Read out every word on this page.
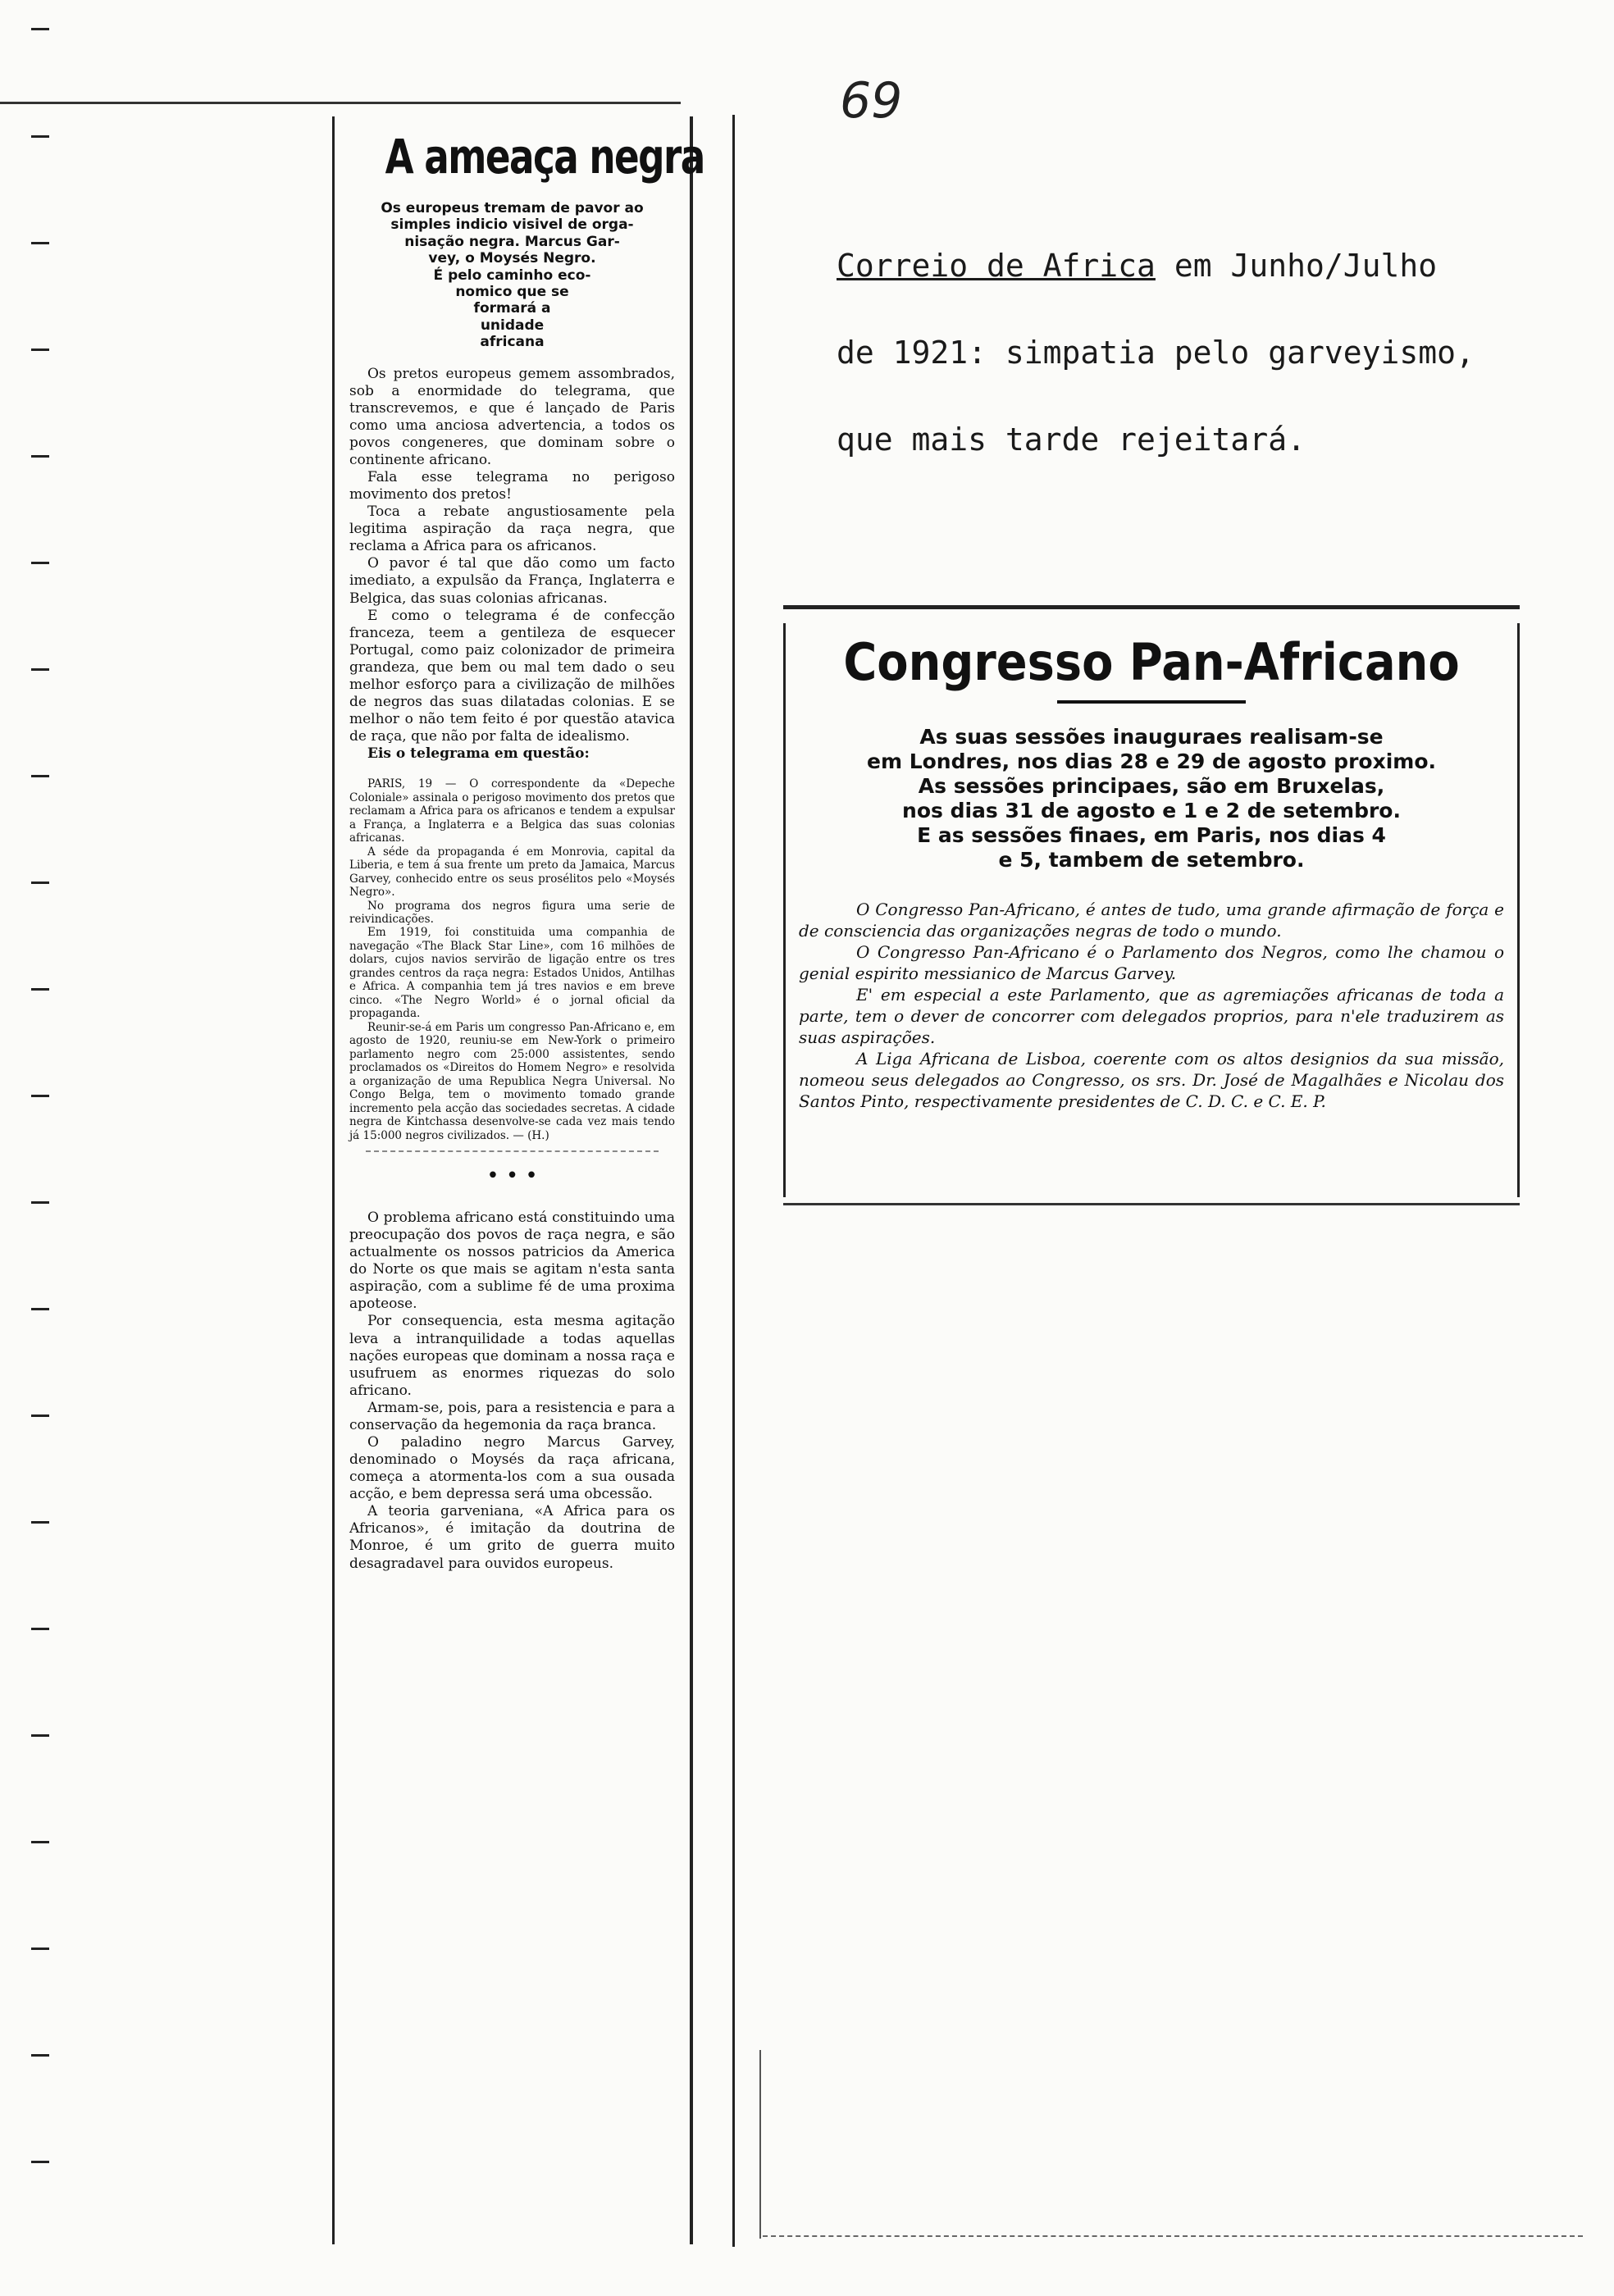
69
A ameaça negra
Os europeus tremam de pavor ao
simples indicio visivel de orga-
nisação negra. Marcus Gar-
vey, o Moysés Negro.
É pelo caminho eco-
nomico que se
formará a
unidade
africana

Os pretos europeus gemem assombrados, sob a enormidade do telegrama, que transcrevemos, e que é lançado de Paris como uma anciosa advertencia, a todos os povos congeneres, que dominam sobre o continente africano.

Fala esse telegrama no perigoso movimento dos pretos!

Toca a rebate angustiosamente pela legitima aspiração da raça negra, que reclama a Africa para os africanos.

O pavor é tal que dão como um facto imediato, a expulsão da França, Inglaterra e Belgica, das suas colonias africanas.

E como o telegrama é de confecção franceza, teem a gentileza de esquecer Portugal, como paiz colonizador de primeira grandeza, que bem ou mal tem dado o seu melhor esforço para a civilização de milhões de negros das suas dilatadas colonias. E se melhor o não tem feito é por questão atavica de raça, que não por falta de idealismo.

Eis o telegrama em questão:

PARIS, 19 — O correspondente da «Depeche Coloniale» assinala o perigoso movimento dos pretos que reclamam a Africa para os africanos e tendem a expulsar a França, a Inglaterra e a Belgica das suas colonias africanas.

A séde da propaganda é em Monrovia, capital da Liberia, e tem á sua frente um preto da Jamaica, Marcus Garvey, conhecido entre os seus prosélitos pelo «Moysés Negro».

No programa dos negros figura uma serie de reivindicações.

Em 1919, foi constituida uma companhia de navegação «The Black Star Line», com 16 milhões de dolars, cujos navios servirão de ligação entre os tres grandes centros da raça negra: Estados Unidos, Antilhas e Africa. A companhia tem já tres navios e em breve cinco. «The Negro World» é o jornal oficial da propaganda.

Reunir-se-á em Paris um congresso Pan-Africano e, em agosto de 1920, reuniu-se em New-York o primeiro parlamento negro com 25:000 assistentes, sendo proclamados os «Direitos do Homem Negro» e resolvida a organização de uma Republica Negra Universal. No Congo Belga, tem o movimento tomado grande incremento pela acção das sociedades secretas. A cidade negra de Kintchassa desenvolve-se cada vez mais tendo já 15:000 negros civilizados. — (H.)

• • •

O problema africano está constituindo uma preocupação dos povos de raça negra, e são actualmente os nossos patricios da America do Norte os que mais se agitam n'esta santa aspiração, com a sublime fé de uma proxima apoteose.

Por consequencia, esta mesma agitação leva a intranquilidade a todas aquellas nações europeas que dominam a nossa raça e usufruem as enormes riquezas do solo africano.

Armam-se, pois, para a resistencia e para a conservação da hegemonia da raça branca.

O paladino negro Marcus Garvey, denominado o Moysés da raça africana, começa a atormenta-los com a sua ousada acção, e bem depressa será uma obcessão.

A teoria garveniana, «A Africa para os Africanos», é imitação da doutrina de Monroe, é um grito de guerra muito desagradavel para ouvidos europeus.

Correio de Africa em Junho/Julho

de 1921: simpatia pelo garveyismo,

que mais tarde rejeitará.

Congresso Pan-Africano
As suas sessões inauguraes realisam-se
em Londres, nos dias 28 e 29 de agosto proximo.
As sessões principaes, são em Bruxelas,
nos dias 31 de agosto e 1 e 2 de setembro.
E as sessões finaes, em Paris, nos dias 4
e 5, tambem de setembro.

O Congresso Pan-Africano, é antes de tudo, uma grande afirmação de força e de consciencia das organizações negras de todo o mundo.

O Congresso Pan-Africano é o Parlamento dos Negros, como lhe chamou o genial espirito messianico de Marcus Garvey.

E' em especial a este Parlamento, que as agremiações africanas de toda a parte, tem o dever de concorrer com delegados proprios, para n'ele traduzirem as suas aspirações.

A Liga Africana de Lisboa, coerente com os altos designios da sua missão, nomeou seus delegados ao Congresso, os srs. Dr. José de Magalhães e Nicolau dos Santos Pinto, respectivamente presidentes de C. D. C. e C. E. P.
